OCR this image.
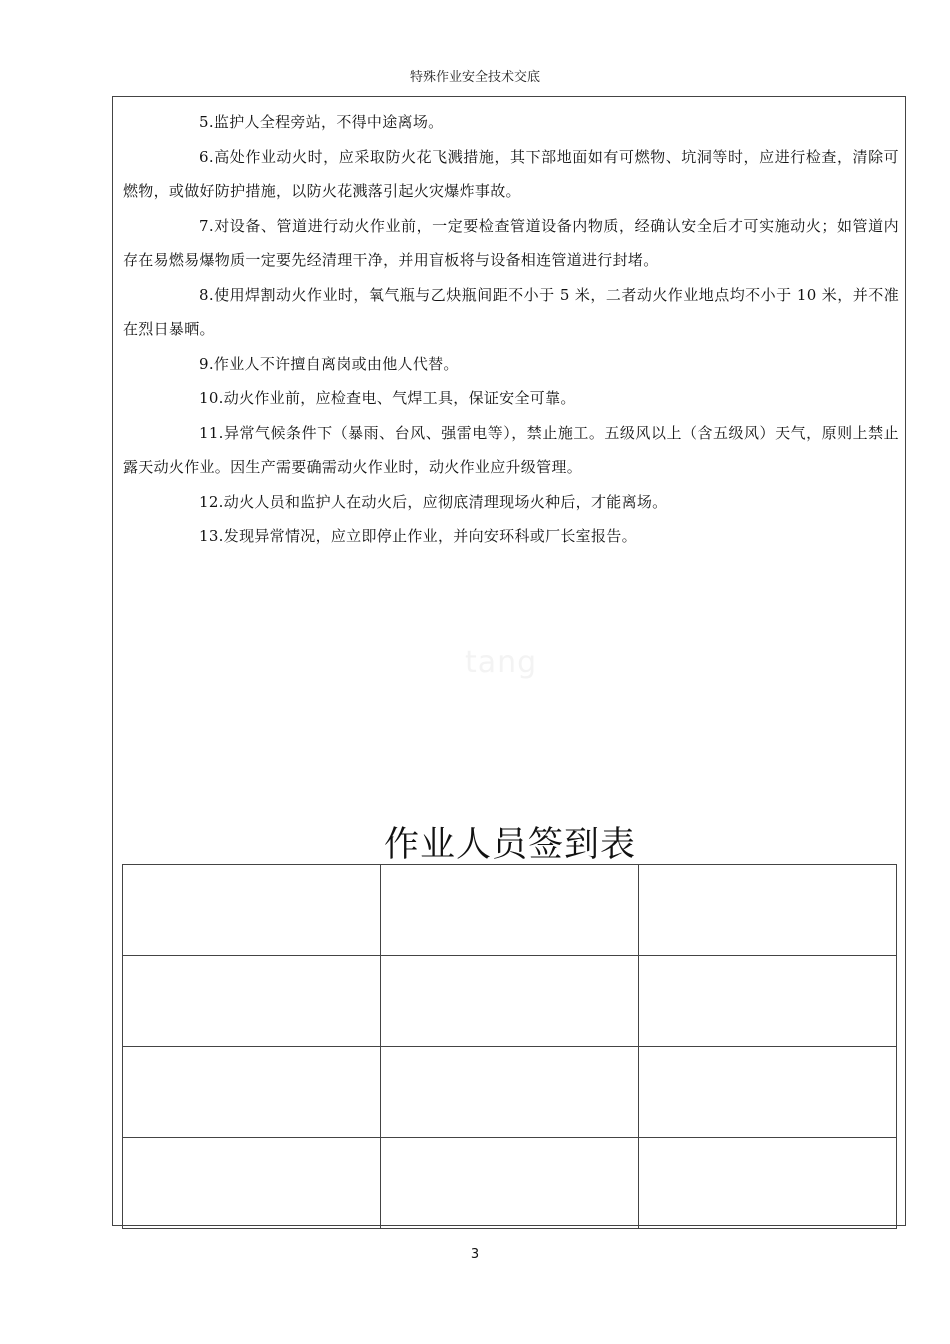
特殊作业安全技术交底

5.监护人全程旁站，不得中途离场。

6.高处作业动火时，应采取防火花飞溅措施，其下部地面如有可燃物、坑洞等时，应进行检查，清除可燃物，或做好防护措施，以防火花溅落引起火灾爆炸事故。

7.对设备、管道进行动火作业前，一定要检查管道设备内物质，经确认安全后才可实施动火；如管道内存在易燃易爆物质一定要先经清理干净，并用盲板将与设备相连管道进行封堵。

8.使用焊割动火作业时，氧气瓶与乙炔瓶间距不小于 5 米，二者动火作业地点均不小于 10 米，并不准在烈日暴晒。

9.作业人不许擅自离岗或由他人代替。

10.动火作业前，应检查电、气焊工具，保证安全可靠。

11.异常气候条件下（暴雨、台风、强雷电等），禁止施工。五级风以上（含五级风）天气，原则上禁止露天动火作业。因生产需要确需动火作业时，动火作业应升级管理。

12.动火人员和监护人在动火后，应彻底清理现场火种后，才能离场。

13.发现异常情况，应立即停止作业，并向安环科或厂长室报告。

tang
作业人员签到表

3
